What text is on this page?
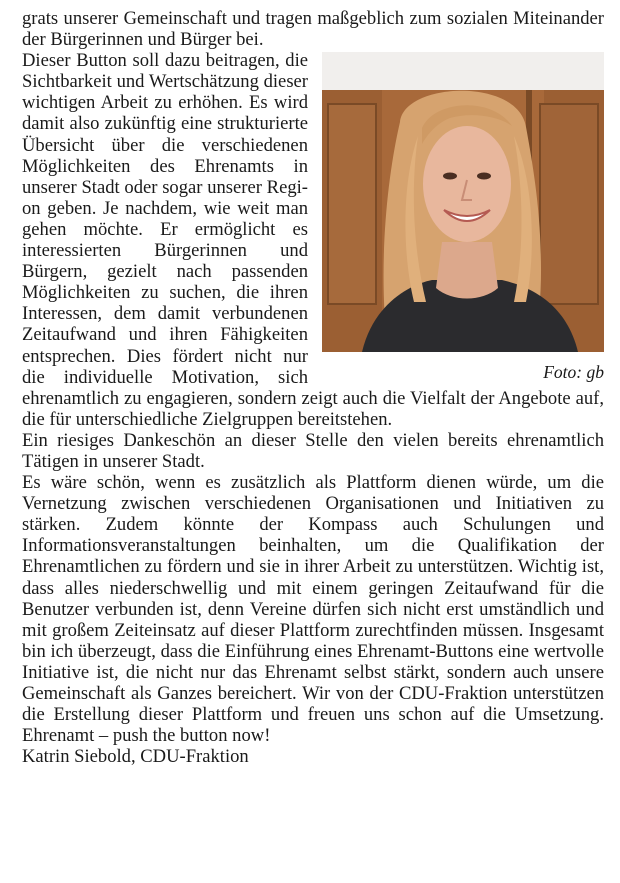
grats unserer Gemeinschaft und tragen maßgeblich zum sozialen Miteinander der Bürgerinnen und Bürger bei.

Foto: gb

Dieser Button soll dazu beitragen, die Sichtbarkeit und Wertschätzung dieser wichtigen Arbeit zu erhöhen. Es wird damit also zukünftig eine strukturierte Übersicht über die verschiedenen Möglichkeiten des Ehrenamts in unserer Stadt oder sogar unserer Region geben. Je nachdem, wie weit man gehen möchte. Er ermöglicht es interessierten Bürgerinnen und Bürgern, gezielt nach passenden Möglichkeiten zu suchen, die ihren Interessen, dem damit verbundenen Zeitaufwand und ihren Fähigkeiten entsprechen. Dies fördert nicht nur die individuelle Motivation, sich ehrenamtlich zu engagieren, sondern zeigt auch die Vielfalt der Angebote auf, die für unterschiedliche Zielgruppen bereitstehen.

Ein riesiges Dankeschön an dieser Stelle den vielen bereits ehrenamtlich Tätigen in unserer Stadt.

Es wäre schön, wenn es zusätzlich als Plattform dienen würde, um die Vernetzung zwischen verschiedenen Organisationen und Initiativen zu stärken. Zudem könnte der Kompass auch Schulungen und Informationsveranstaltungen beinhalten, um die Qualifikation der Ehrenamtlichen zu fördern und sie in ihrer Arbeit zu unterstützen. Wichtig ist, dass alles niederschwellig und mit einem geringen Zeitaufwand für die Benutzer verbunden ist, denn Vereine dürfen sich nicht erst umständlich und mit großem Zeiteinsatz auf dieser Plattform zurechtfinden müssen. Insgesamt bin ich überzeugt, dass die Einführung eines Ehrenamt-Buttons eine wertvolle Initiative ist, die nicht nur das Ehrenamt selbst stärkt, sondern auch unsere Gemeinschaft als Ganzes bereichert. Wir von der CDU-Fraktion unterstützen die Erstellung dieser Plattform und freuen uns schon auf die Umsetzung. Ehrenamt – push the button now!

Katrin Siebold, CDU-Fraktion
